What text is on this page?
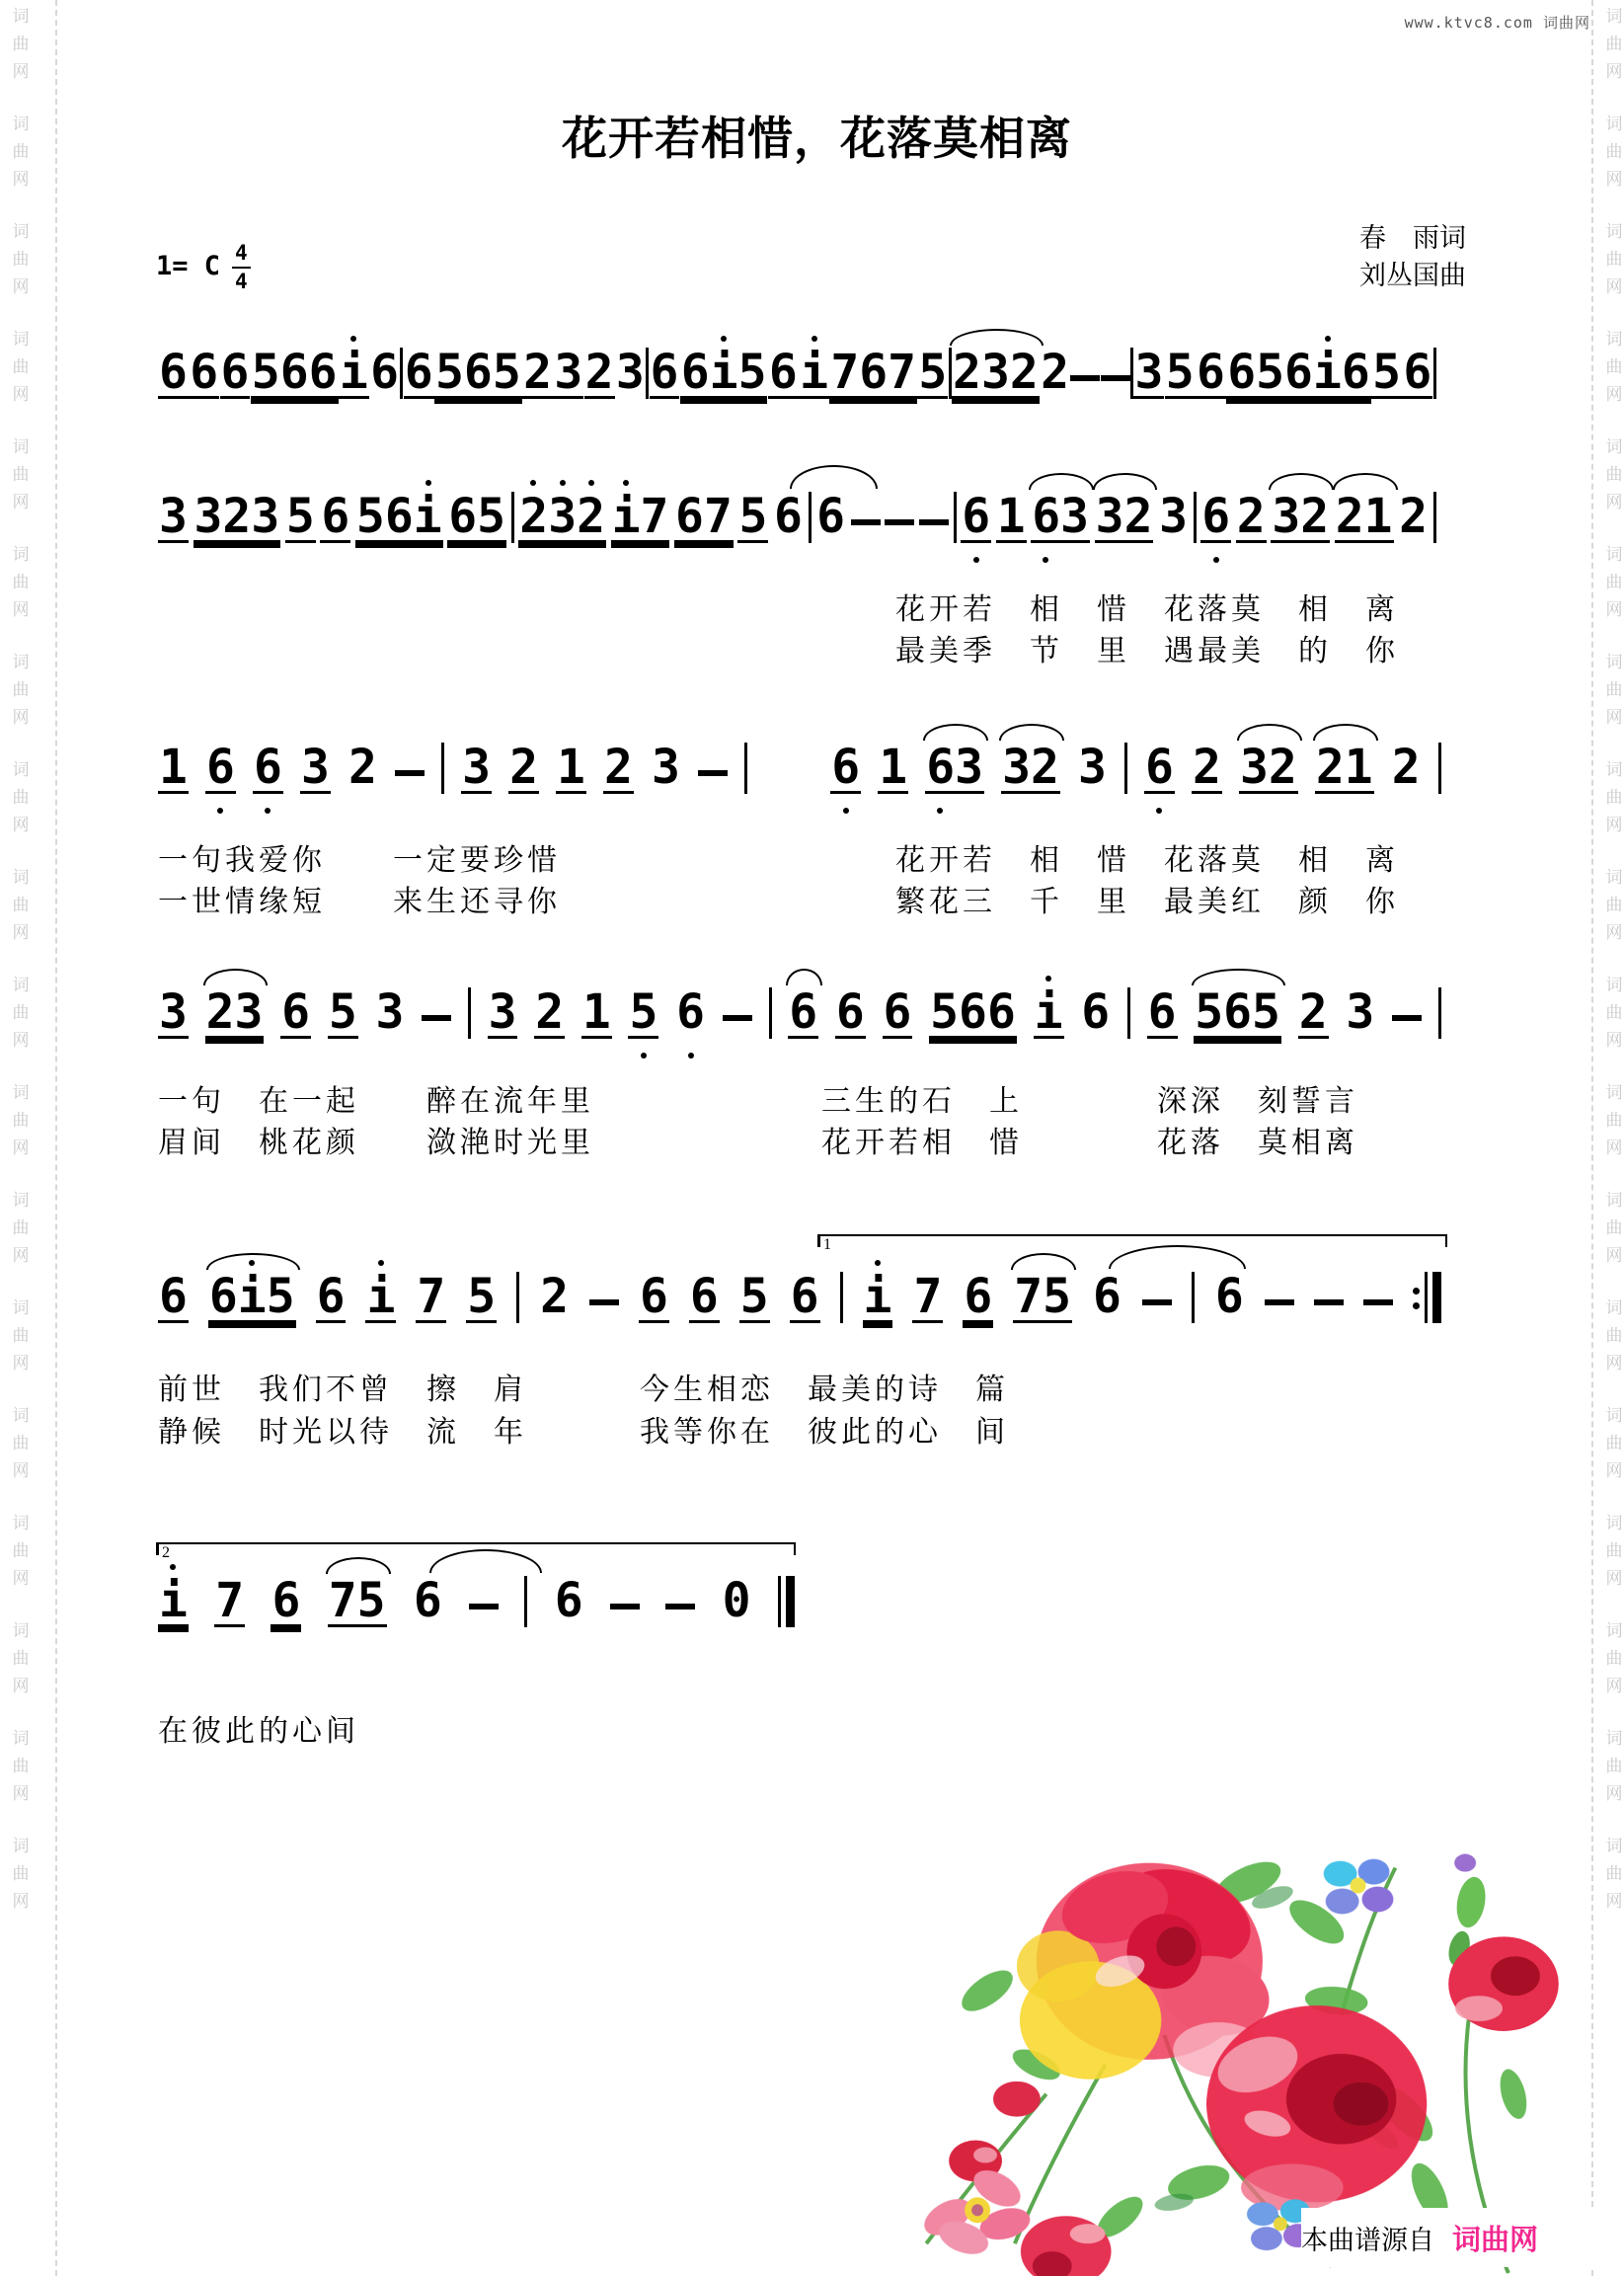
词
曲
网
词
曲
网
词
曲
网
词
曲
网
词
曲
网
词
曲
网
词
曲
网
词
曲
网
词
曲
网
词
曲
网
词
曲
网
词
曲
网
词
曲
网
词
曲
网
词
曲
网
词
曲
网
词
曲
网
词
曲
网
词
曲
网
词
曲
网
词
曲
网
词
曲
网
词
曲
网
词
曲
网
词
曲
网
词
曲
网
词
曲
网
词
曲
网
词
曲
网
词
曲
网
词
曲
网
词
曲
网
词
曲
网
词
曲
网
词
曲
网
词
曲
网
www.ktvc8.com 词曲网
花开若相惜，花落莫相离
春　雨词
刘丛国曲
1= C $\frac{4}{4}$
6 6 6 566 i 6 6 565 2 3 2 3 6 6i5 6 i 767 5 232 2 3 5 6 656i6 5 6
3 323 5 6 56i 65 232 i7 67 5 6 6 6 1 63 32 3 6 2 32 21 2
1 6 6 3 2 3 2 1 2 3	6 1 63 32 3 6 2 32 21 2
3 23 6 5 3 3 2 1 5 6 6 6 6 566 i 6 6 565 2 3
6 6i5 6 i 7 5 2 6 6 5 6 i 7 6 75 6 6
i 7 6 75 6 6	0
1
2
花开若　相　惜　花落莫　相　离
最美季　节　里　遇最美　的　你
一句我爱你　　一定要珍惜
一世情缘短　　来生还寻你
花开若　相　惜　花落莫　相　离
繁花三　千　里　最美红　颜　你
一句　在一起　　醉在流年里
眉间　桃花颜　　潋滟时光里
三生的石　上　　　　深深　刻誓言
花开若相　惜　　　　花落　莫相离
前世　我们不曾　擦　肩
静候　时光以待　流　年
今生相恋　最美的诗　篇
我等你在　彼此的心　间
在彼此的心间
本曲谱源自 词曲网
